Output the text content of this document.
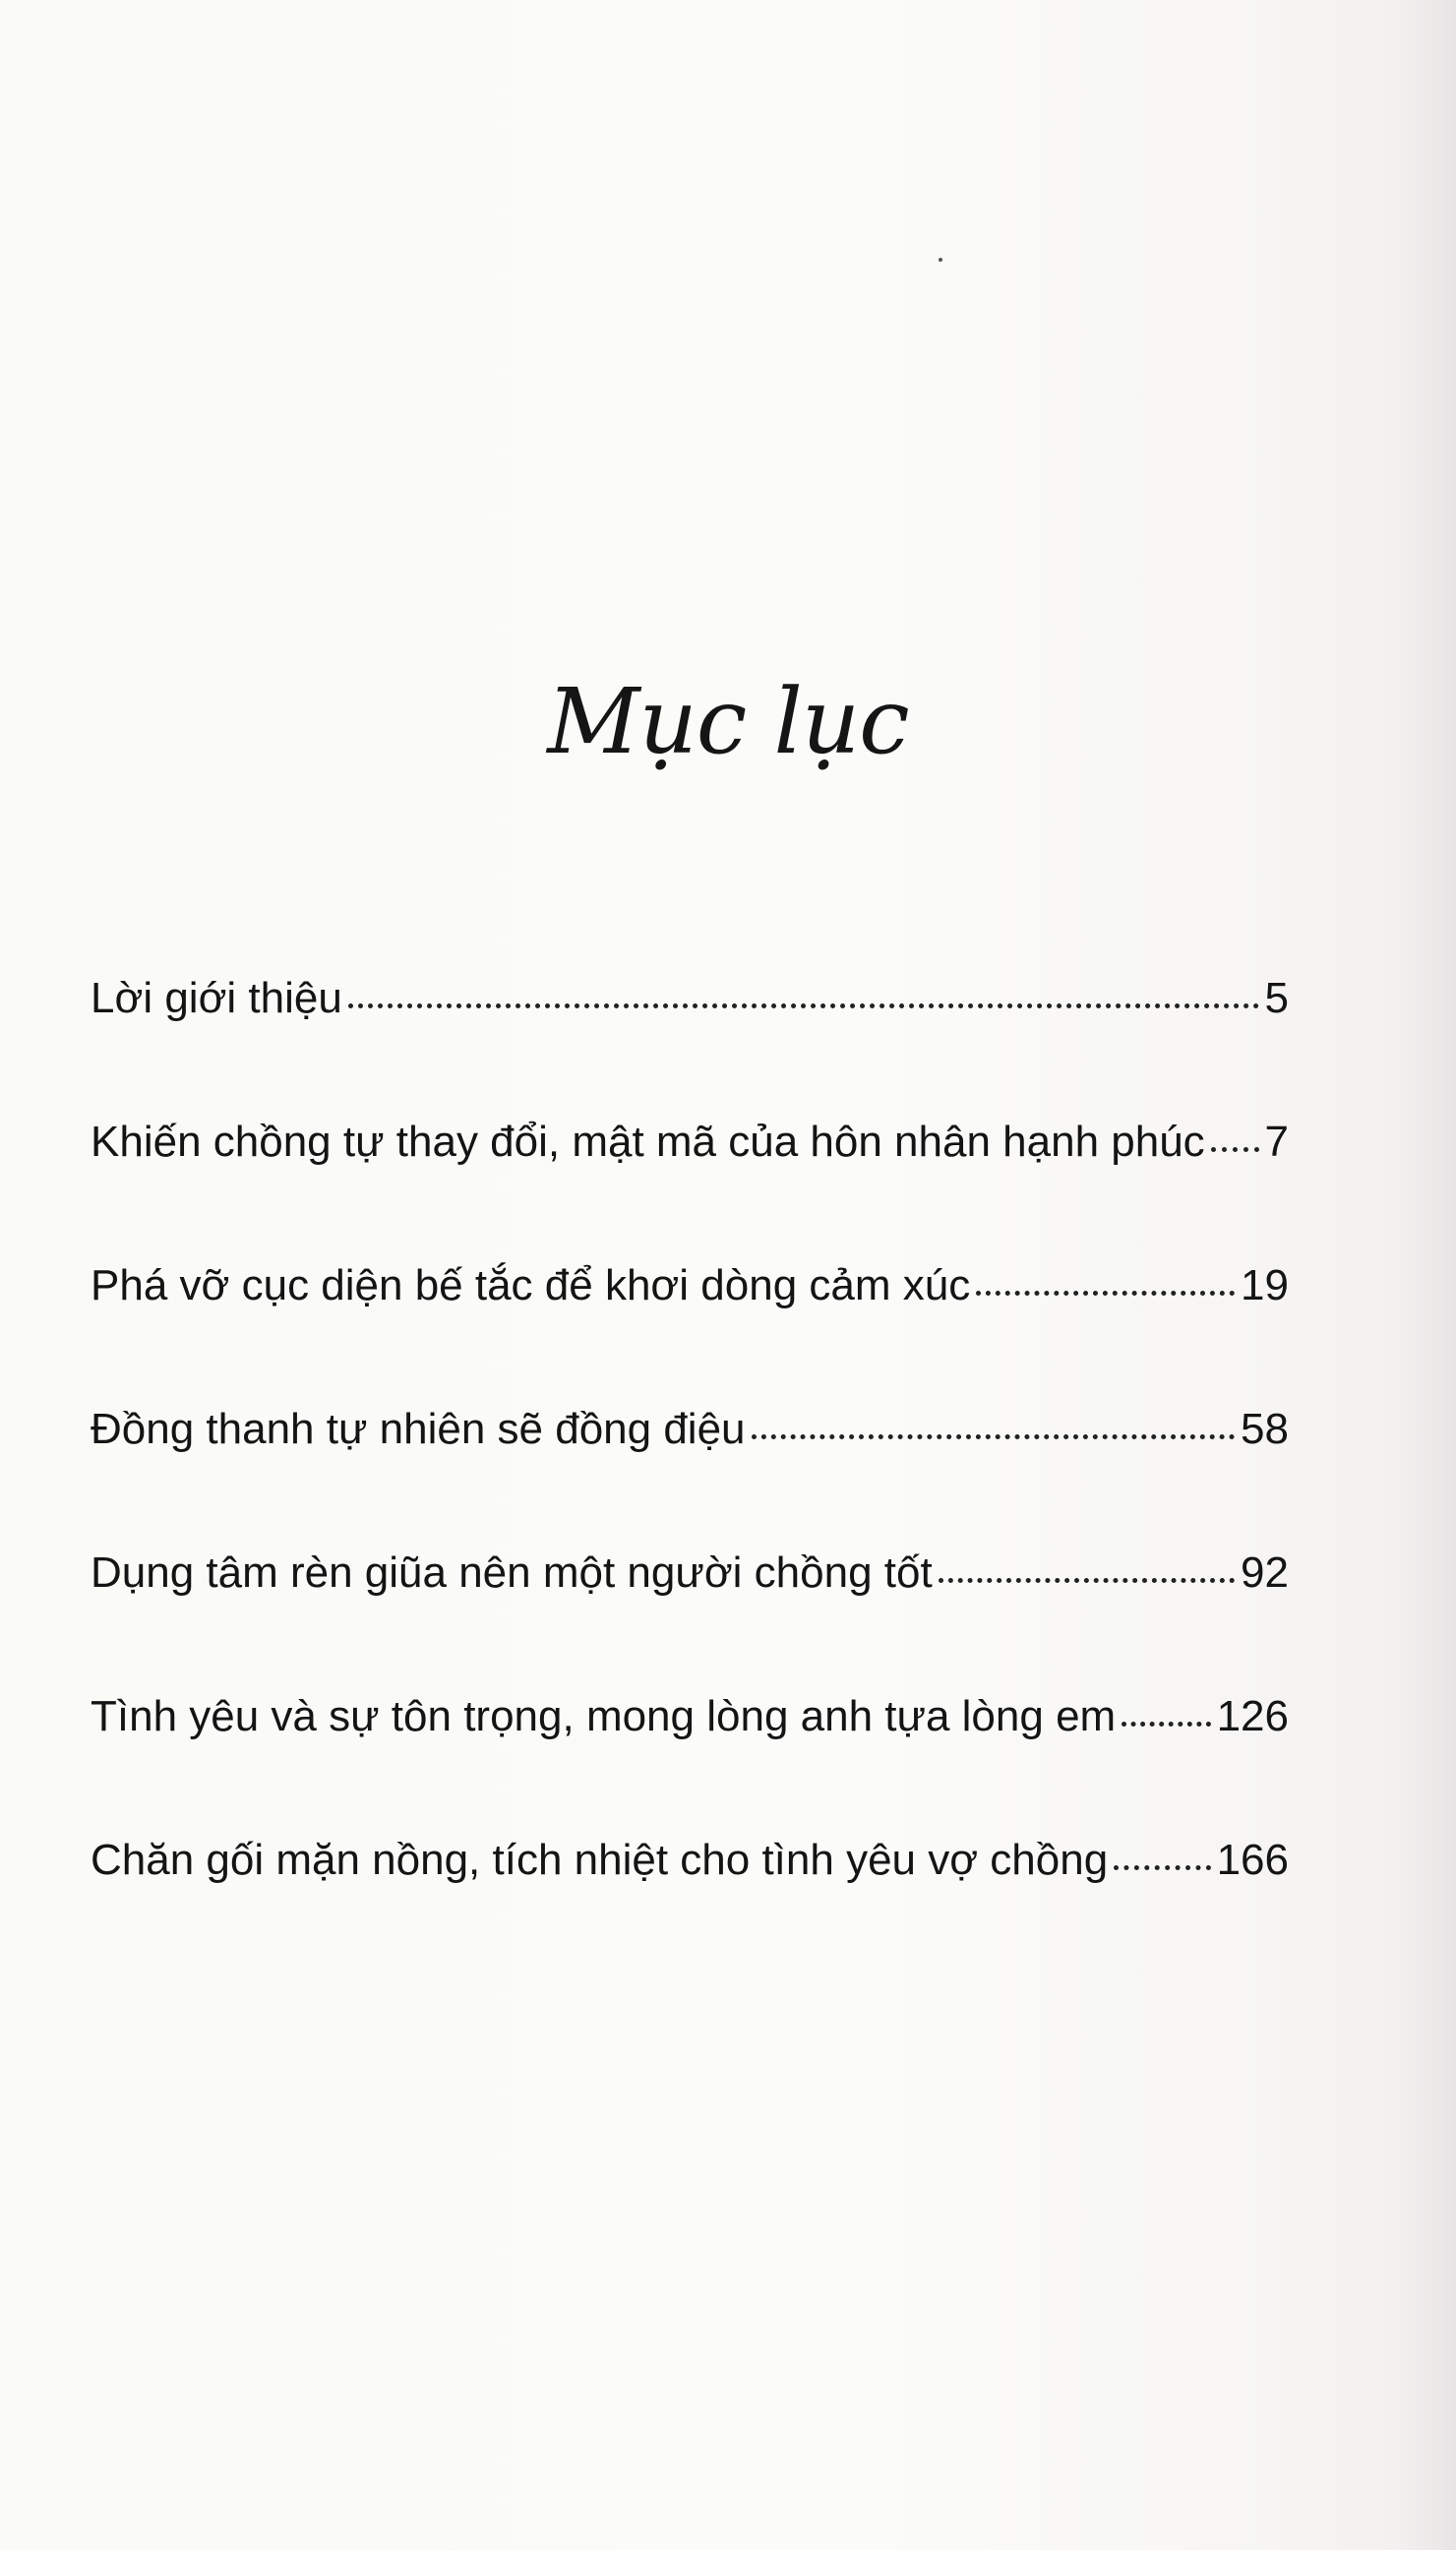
Mục lục
Lời giới thiệu	5
Khiến chồng tự thay đổi, mật mã của hôn nhân hạnh phúc 7
Phá vỡ cục diện bế tắc để khơi dòng cảm xúc	19
Đồng thanh tự nhiên sẽ đồng điệu	58
Dụng tâm rèn giũa nên một người chồng tốt	92
Tình yêu và sự tôn trọng, mong lòng anh tựa lòng em 126
Chăn gối mặn nồng, tích nhiệt cho tình yêu vợ chồng	166
